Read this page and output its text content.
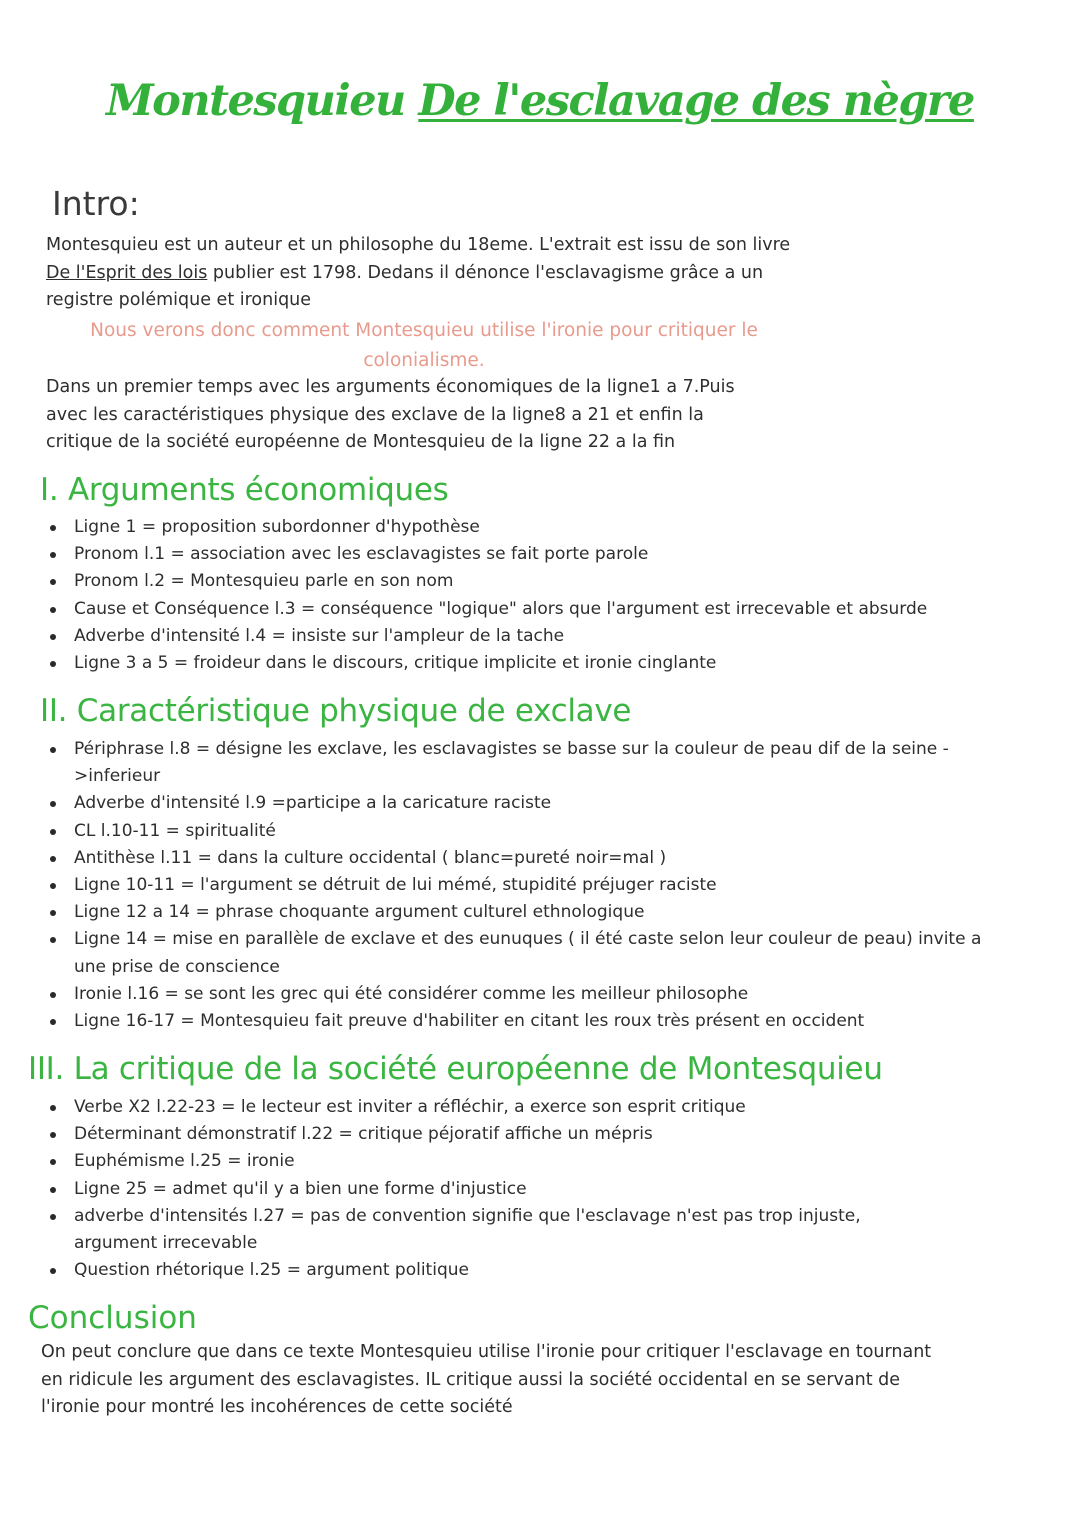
Montesquieu De l'esclavage des nègre
Intro:
Montesquieu est un auteur et un philosophe du 18eme. L'extrait est issu de son livre
De l'Esprit des lois publier est 1798. Dedans il dénonce l'esclavagisme grâce a un
registre polémique et ironique
Nous verons donc comment Montesquieu utilise l'ironie pour critiquer le
colonialisme.
Dans un premier temps avec les arguments économiques de la ligne1 a 7.Puis
avec les caractéristiques physique des exclave de la ligne8 a 21 et enfin la
critique de la société européenne de Montesquieu de la ligne 22 a la fin
I. Arguments économiques
Ligne 1 = proposition subordonner d'hypothèse
Pronom l.1 = association avec les esclavagistes se fait porte parole
Pronom l.2 = Montesquieu parle en son nom
Cause et Conséquence l.3 = conséquence "logique" alors que l'argument est irrecevable et absurde
Adverbe d'intensité l.4 = insiste sur l'ampleur de la tache
Ligne 3 a 5 = froideur dans le discours, critique implicite et ironie cinglante
II. Caractéristique physique de exclave
Périphrase l.8 = désigne les exclave, les esclavagistes se basse sur la couleur de peau dif de la seine ->inferieur
Adverbe d'intensité l.9 =participe a la caricature raciste
CL l.10-11 = spiritualité
Antithèse l.11 = dans la culture occidental ( blanc=pureté noir=mal )
Ligne 10-11 = l'argument se détruit de lui mémé, stupidité préjuger raciste
Ligne 12 a 14 = phrase choquante argument culturel ethnologique
Ligne 14 = mise en parallèle de exclave et des eunuques ( il été caste selon leur couleur de peau) invite a une prise de conscience
Ironie l.16 = se sont les grec qui été considérer comme les meilleur philosophe
Ligne 16-17 = Montesquieu fait preuve d'habiliter en citant les roux très présent en occident
III. La critique de la société européenne de Montesquieu
Verbe X2 l.22-23 = le lecteur est inviter a réfléchir, a exerce son esprit critique
Déterminant démonstratif l.22 = critique péjoratif affiche un mépris
Euphémisme l.25 = ironie
Ligne 25 = admet qu'il y a bien une forme d'injustice
adverbe d'intensités l.27 = pas de convention signifie que l'esclavage n'est pas trop injuste, argument irrecevable
Question rhétorique l.25 = argument politique
Conclusion
On peut conclure que dans ce texte Montesquieu utilise l'ironie pour critiquer l'esclavage en tournant
en ridicule les argument des esclavagistes. IL critique aussi la société occidental en se servant de
l'ironie pour montré les incohérences de cette société
